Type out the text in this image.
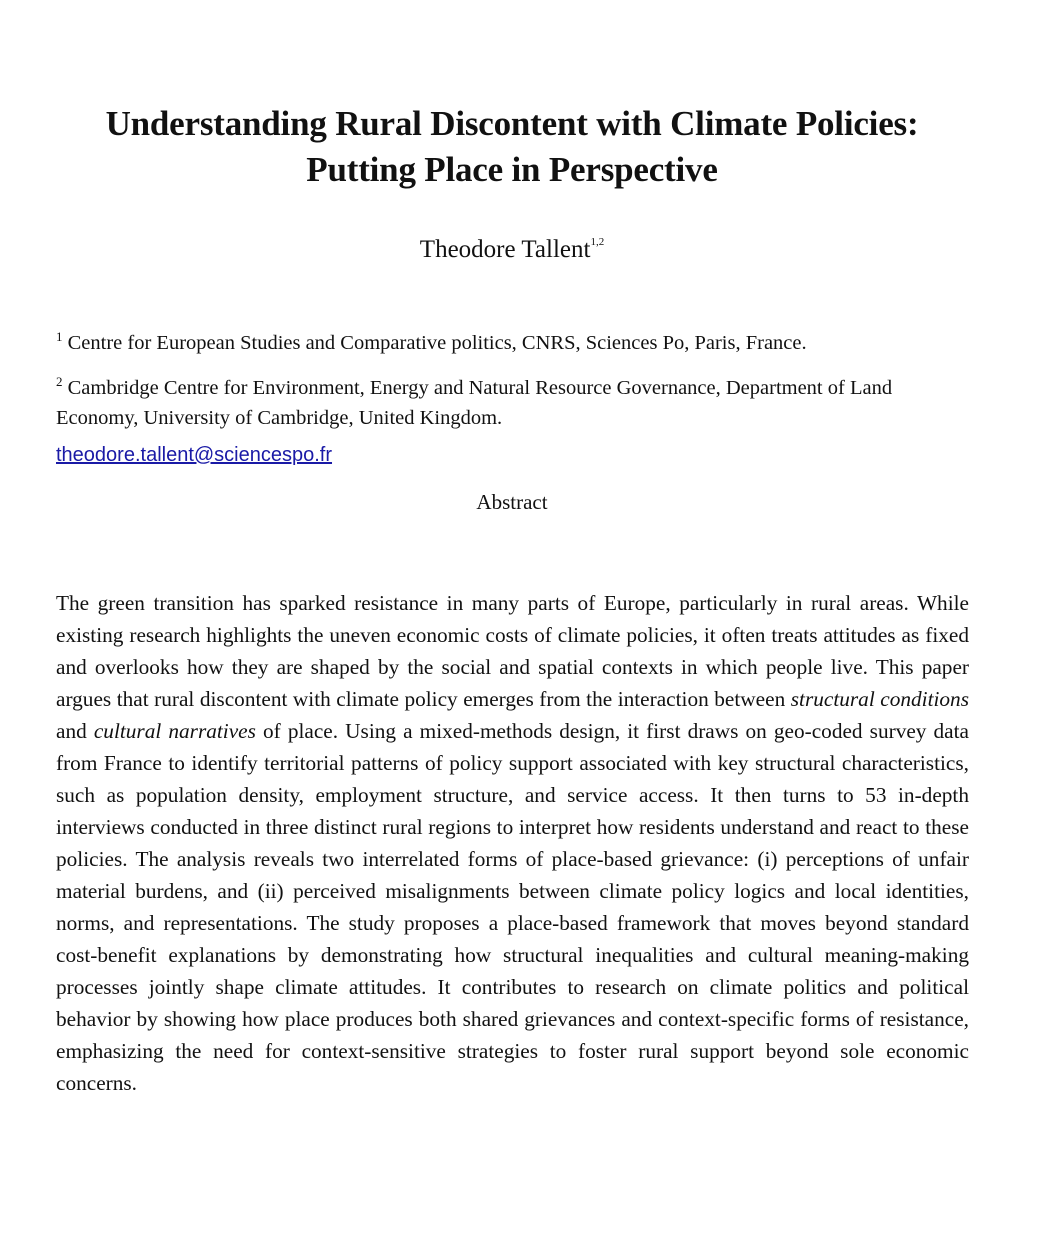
Understanding Rural Discontent with Climate Policies:
Putting Place in Perspective
Theodore Tallent$^{1,2}$
$^1$ Centre for European Studies and Comparative politics, CNRS, Sciences Po, Paris, France.
$^2$ Cambridge Centre for Environment, Energy and Natural Resource Governance, Department of Land Economy, University of Cambridge, United Kingdom.
theodore.tallent@sciencespo.fr
Abstract

The green transition has sparked resistance in many parts of Europe, particularly in rural areas. While existing research highlights the uneven economic costs of climate policies, it often treats attitudes as fixed and overlooks how they are shaped by the social and spatial contexts in which people live. This paper argues that rural discontent with climate policy emerges from the interaction between structural conditions and cultural narratives of place. Using a mixed-methods design, it first draws on geo-coded survey data from France to identify territorial patterns of policy support associated with key structural characteristics, such as population density, employment structure, and service access. It then turns to 53 in-depth interviews conducted in three distinct rural regions to interpret how residents understand and react to these policies. The analysis reveals two interrelated forms of place-based grievance: (i) perceptions of unfair material burdens, and (ii) perceived misalignments between climate policy logics and local identities, norms, and representations. The study proposes a place-based framework that moves beyond standard cost-benefit explanations by demonstrating how structural inequalities and cultural meaning-making processes jointly shape climate attitudes. It contributes to research on climate politics and political behavior by showing how place produces both shared grievances and context-specific forms of resistance, emphasizing the need for context-sensitive strategies to foster rural support beyond sole economic concerns.
